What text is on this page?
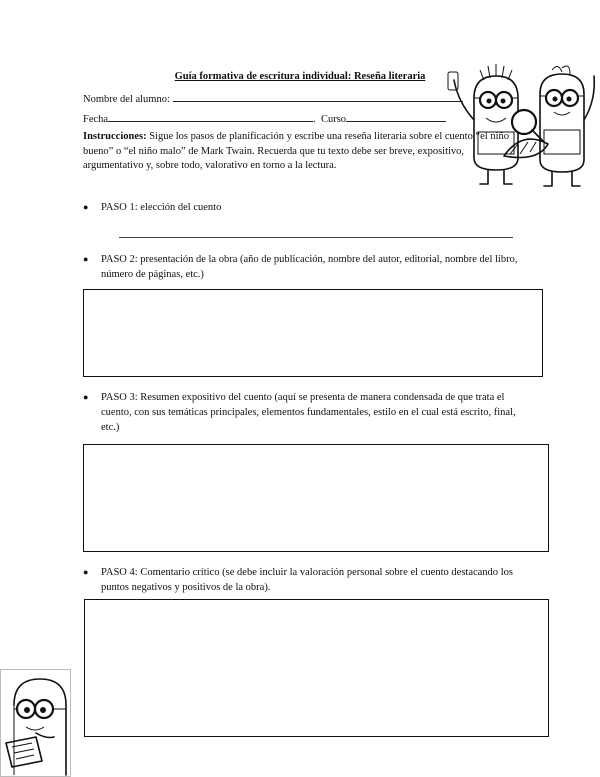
Guía formativa de escritura individual: Reseña literaria
Nombre del alumno:
Fecha	. Curso
Instrucciones: Sigue los pasos de planificación y escribe una reseña literaria sobre el cuento “el niño bueno” o “el niño malo” de Mark Twain. Recuerda que tu texto debe ser breve, expositivo, argumentativo y, sobre todo, valorativo en torno a la lectura.
● PASO 1: elección del cuento
● PASO 2: presentación de la obra (año de publicación, nombre del autor, editorial, nombre del libro, número de páginas, etc.)
● PASO 3: Resumen expositivo del cuento (aquí se presenta de manera condensada de que trata el cuento, con sus temáticas principales, elementos fundamentales, estilo en el cual está escrito, final, etc.)
● PASO 4: Comentario crítico (se debe incluir la valoración personal sobre el cuento destacando los puntos negativos y positivos de la obra).
